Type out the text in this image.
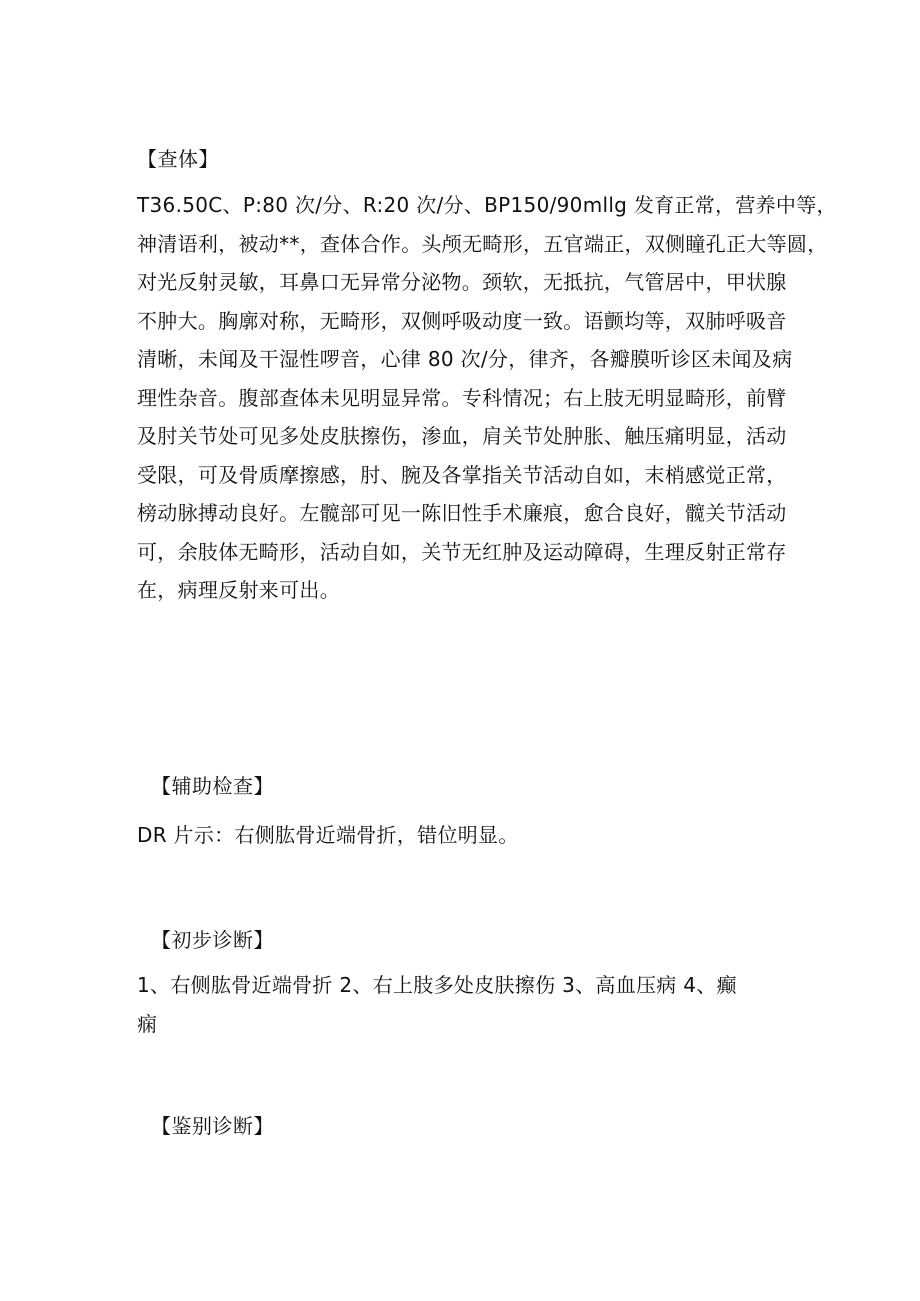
【查体】
T36.50C、P:80 次/分、R:20 次/分、BP150/90mllg 发育正常，营养中等，
神清语利，被动**，查体合作。头颅无畸形，五官端正，双侧瞳孔正大等圆，
对光反射灵敏，耳鼻口无异常分泌物。颈软，无抵抗，气管居中，甲状腺
不肿大。胸廓对称，无畸形，双侧呼吸动度一致。语颤均等，双肺呼吸音
清晰，未闻及干湿性啰音，心律 80 次/分，律齐，各瓣膜听诊区未闻及病
理性杂音。腹部查体未见明显异常。专科情况；右上肢无明显畸形，前臂
及肘关节处可见多处皮肤擦伤，渗血，肩关节处肿胀、触压痛明显，活动
受限，可及骨质摩擦感，肘、腕及各掌指关节活动自如，末梢感觉正常，
榜动脉搏动良好。左髋部可见一陈旧性手术廉痕，愈合良好，髋关节活动
可，余肢体无畸形，活动自如，关节无红肿及运动障碍，生理反射正常存
在，病理反射来可出。
【辅助检查】
DR 片示：右侧肱骨近端骨折，错位明显。
【初步诊断】
1、右侧肱骨近端骨折 2、右上肢多处皮肤擦伤 3、高血压病 4、癫
痫
【鉴别诊断】
